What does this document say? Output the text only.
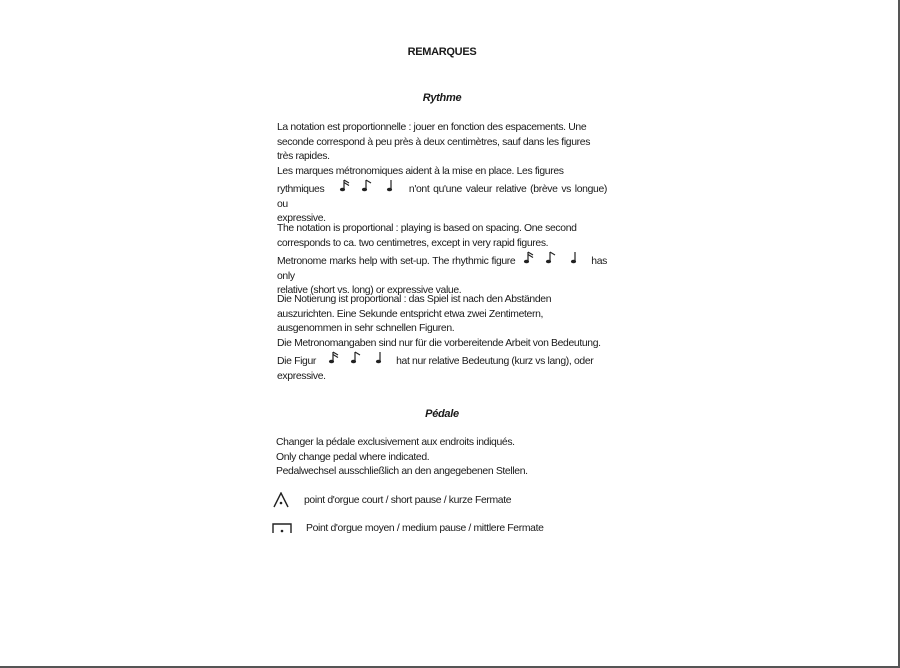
REMARQUES
Rythme
La notation est proportionnelle : jouer en fonction des espacements. Une
seconde correspond à peu près à deux centimètres, sauf dans les figures
très rapides.
Les marques métronomiques aident à la mise en place. Les figures
rythmiques	n'ont qu'une valeur relative (brève vs longue) ou
expressive.
The notation is proportional : playing is based on spacing. One second
corresponds to ca. two centimetres, except in very rapid figures.
Metronome marks help with set-up. The rhythmic figure	has only
relative (short vs. long) or expressive value.
Die Notierung ist proportional : das Spiel ist nach den Abständen
auszurichten. Eine Sekunde entspricht etwa zwei Zentimetern,
ausgenommen in sehr schnellen Figuren.
Die Metronomangaben sind nur für die vorbereitende Arbeit von Bedeutung.
Die Figur	hat nur relative Bedeutung (kurz vs lang), oder
expressive.
Pédale
Changer la pédale exclusivement aux endroits indiqués.
Only change pedal where indicated.
Pedalwechsel ausschließlich an den angegebenen Stellen.
point d'orgue court / short pause / kurze Fermate
Point d'orgue moyen / medium pause / mittlere Fermate
